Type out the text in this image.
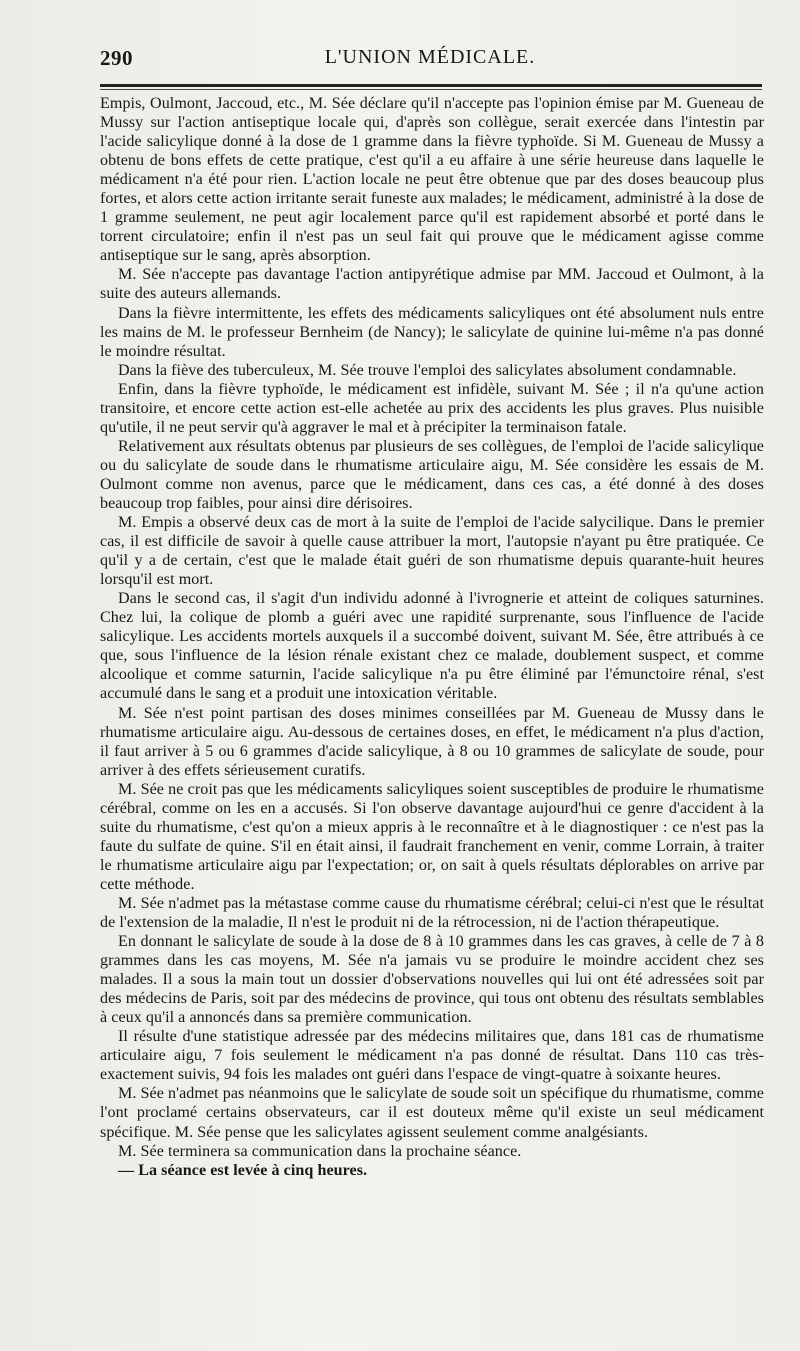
290	L'UNION MÉDICALE.

Empis, Oulmont, Jaccoud, etc., M. Sée déclare qu'il n'accepte pas l'opinion émise par M. Gueneau de Mussy sur l'action antiseptique locale qui, d'après son collègue, serait exercée dans l'intestin par l'acide salicylique donné à la dose de 1 gramme dans la fièvre typhoïde. Si M. Gueneau de Mussy a obtenu de bons effets de cette pratique, c'est qu'il a eu affaire à une série heureuse dans laquelle le médicament n'a été pour rien. L'action locale ne peut être obtenue que par des doses beaucoup plus fortes, et alors cette action irritante serait funeste aux malades; le médicament, administré à la dose de 1 gramme seulement, ne peut agir localement parce qu'il est rapidement absorbé et porté dans le torrent circulatoire; enfin il n'est pas un seul fait qui prouve que le médicament agisse comme antiseptique sur le sang, après absorption.

M. Sée n'accepte pas davantage l'action antipyrétique admise par MM. Jaccoud et Oulmont, à la suite des auteurs allemands.

Dans la fièvre intermittente, les effets des médicaments salicyliques ont été absolument nuls entre les mains de M. le professeur Bernheim (de Nancy); le salicylate de quinine lui-même n'a pas donné le moindre résultat.

Dans la fiève des tuberculeux, M. Sée trouve l'emploi des salicylates absolument condamnable.

Enfin, dans la fièvre typhoïde, le médicament est infidèle, suivant M. Sée ; il n'a qu'une action transitoire, et encore cette action est-elle achetée au prix des accidents les plus graves. Plus nuisible qu'utile, il ne peut servir qu'à aggraver le mal et à précipiter la terminaison fatale.

Relativement aux résultats obtenus par plusieurs de ses collègues, de l'emploi de l'acide salicylique ou du salicylate de soude dans le rhumatisme articulaire aigu, M. Sée considère les essais de M. Oulmont comme non avenus, parce que le médicament, dans ces cas, a été donné à des doses beaucoup trop faibles, pour ainsi dire dérisoires.

M. Empis a observé deux cas de mort à la suite de l'emploi de l'acide salycilique. Dans le premier cas, il est difficile de savoir à quelle cause attribuer la mort, l'autopsie n'ayant pu être pratiquée. Ce qu'il y a de certain, c'est que le malade était guéri de son rhumatisme depuis quarante-huit heures lorsqu'il est mort.

Dans le second cas, il s'agit d'un individu adonné à l'ivrognerie et atteint de coliques saturnines. Chez lui, la colique de plomb a guéri avec une rapidité surprenante, sous l'influence de l'acide salicylique. Les accidents mortels auxquels il a succombé doivent, suivant M. Sée, être attribués à ce que, sous l'influence de la lésion rénale existant chez ce malade, doublement suspect, et comme alcoolique et comme saturnin, l'acide salicylique n'a pu être éliminé par l'émunctoire rénal, s'est accumulé dans le sang et a produit une intoxication véritable.

M. Sée n'est point partisan des doses minimes conseillées par M. Gueneau de Mussy dans le rhumatisme articulaire aigu. Au-dessous de certaines doses, en effet, le médicament n'a plus d'action, il faut arriver à 5 ou 6 grammes d'acide salicylique, à 8 ou 10 grammes de salicylate de soude, pour arriver à des effets sérieusement curatifs.

M. Sée ne croit pas que les médicaments salicyliques soient susceptibles de produire le rhumatisme cérébral, comme on les en a accusés. Si l'on observe davantage aujourd'hui ce genre d'accident à la suite du rhumatisme, c'est qu'on a mieux appris à le reconnaître et à le diagnostiquer : ce n'est pas la faute du sulfate de quine. S'il en était ainsi, il faudrait franchement en venir, comme Lorrain, à traiter le rhumatisme articulaire aigu par l'expectation; or, on sait à quels résultats déplorables on arrive par cette méthode.

M. Sée n'admet pas la métastase comme cause du rhumatisme cérébral; celui-ci n'est que le résultat de l'extension de la maladie, Il n'est le produit ni de la rétrocession, ni de l'action thérapeutique.

En donnant le salicylate de soude à la dose de 8 à 10 grammes dans les cas graves, à celle de 7 à 8 grammes dans les cas moyens, M. Sée n'a jamais vu se produire le moindre accident chez ses malades. Il a sous la main tout un dossier d'observations nouvelles qui lui ont été adressées soit par des médecins de Paris, soit par des médecins de province, qui tous ont obtenu des résultats semblables à ceux qu'il a annoncés dans sa première communication.

Il résulte d'une statistique adressée par des médecins militaires que, dans 181 cas de rhumatisme articulaire aigu, 7 fois seulement le médicament n'a pas donné de résultat. Dans 110 cas très-exactement suivis, 94 fois les malades ont guéri dans l'espace de vingt-quatre à soixante heures.

M. Sée n'admet pas néanmoins que le salicylate de soude soit un spécifique du rhumatisme, comme l'ont proclamé certains observateurs, car il est douteux même qu'il existe un seul médicament spécifique. M. Sée pense que les salicylates agissent seulement comme analgésiants.

M. Sée terminera sa communication dans la prochaine séance.

— La séance est levée à cinq heures.
